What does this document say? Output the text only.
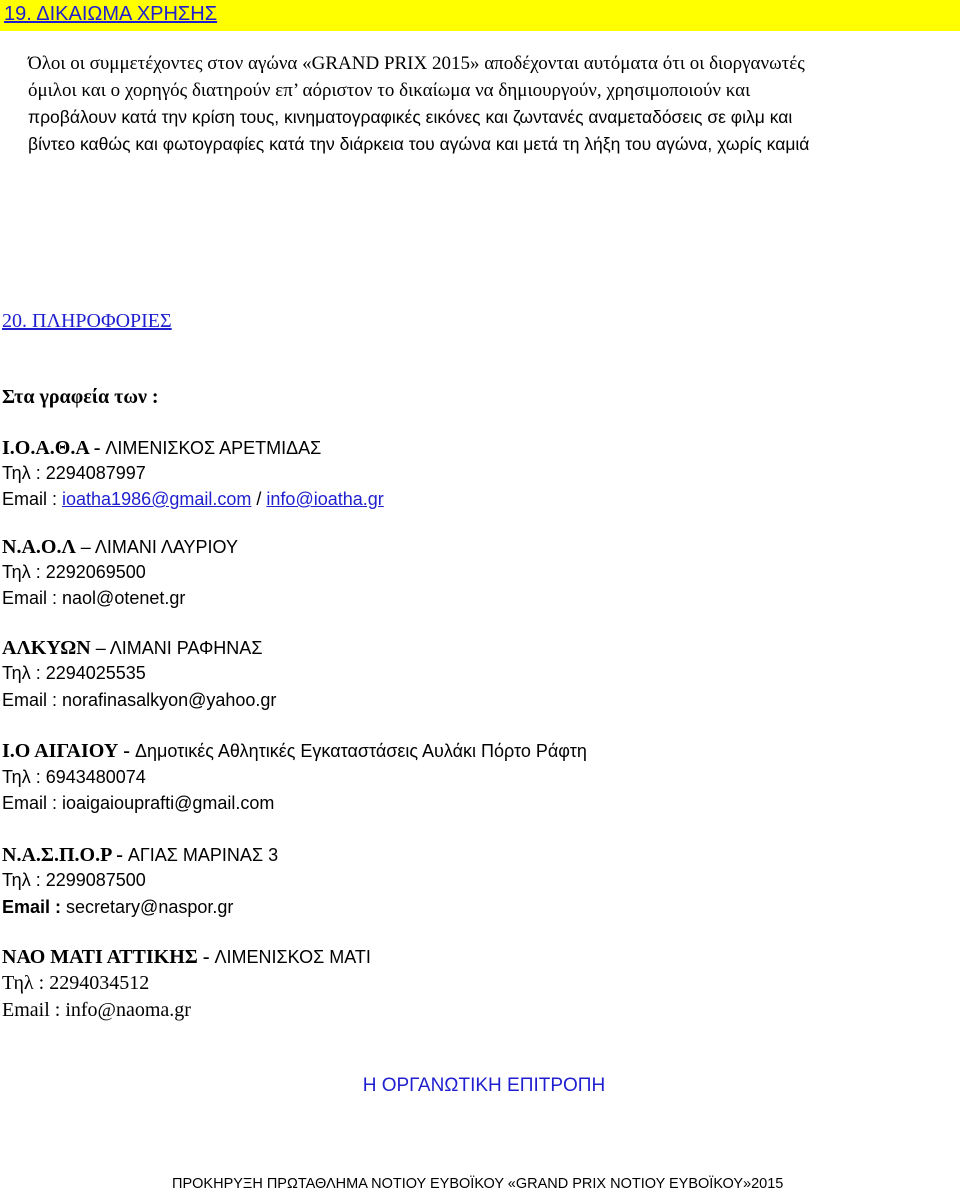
19. ΔΙΚΑΙΩΜΑ ΧΡΗΣΗΣ
Όλοι οι συμμετέχοντες στον αγώνα «GRAND PRIX 2015» αποδέχονται αυτόματα ότι οι διοργανωτές
όμιλοι και ο χορηγός διατηρούν επ’ αόριστον το δικαίωμα να δημιουργούν, χρησιμοποιούν και
προβάλουν κατά την κρίση τους, κινηματογραφικές εικόνες και ζωντανές αναμεταδόσεις σε φιλμ και
βίντεο καθώς και φωτογραφίες κατά την διάρκεια του αγώνα και μετά τη λήξη του αγώνα, χωρίς καμιά
20. ΠΛΗΡΟΦΟΡΙΕΣ
Στα γραφεία των :
Ι.Ο.Α.Θ.Α - ΛΙΜΕΝΙΣΚΟΣ ΑΡΕΤΜΙΔΑΣ
Τηλ : 2294087997
Email : ioatha1986@gmail.com / info@ioatha.gr
Ν.Α.Ο.Λ – ΛΙΜΑΝΙ ΛΑΥΡΙΟΥ
Τηλ : 2292069500
Email : naol@otenet.gr
ΑΛΚΥΩΝ – ΛΙΜΑΝΙ ΡΑΦΗΝΑΣ
Τηλ : 2294025535
Email : norafinasalkyon@yahoo.gr
Ι.Ο ΑΙΓΑΙΟΥ - Δημοτικές Αθλητικές Εγκαταστάσεις Αυλάκι Πόρτο Ράφτη
Τηλ : 6943480074
Email : ioaigaiouprafti@gmail.com
Ν.Α.Σ.Π.Ο.Ρ - ΑΓΙΑΣ ΜΑΡΙΝΑΣ 3
Τηλ : 2299087500
Email : secretary@naspor.gr
ΝΑΟ ΜΑΤΙ ΑΤΤΙΚΗΣ - ΛΙΜΕΝΙΣΚΟΣ ΜΑΤΙ
Τηλ : 2294034512
Email : info@naoma.gr
Η ΟΡΓΑΝΩΤΙΚΗ ΕΠΙΤΡΟΠΗ
ΠΡΟΚΗΡΥΞΗ ΠΡΩΤΑΘΛΗΜΑ ΝΟΤΙΟΥ ΕΥΒΟΪΚΟΥ «GRAND PRIX ΝΟΤΙΟΥ ΕΥΒΟΪΚΟΥ»2015
